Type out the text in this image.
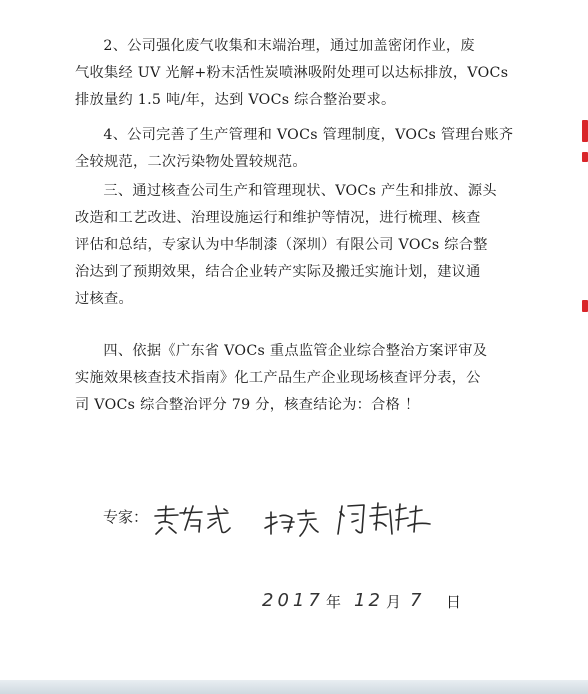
2、公司强化废气收集和末端治理，通过加盖密闭作业，废
气收集经 UV 光解+粉末活性炭喷淋吸附处理可以达标排放，VOCs
排放量约 1.5 吨/年，达到 VOCs 综合整治要求。
4、公司完善了生产管理和 VOCs 管理制度，VOCs 管理台账齐
全较规范，二次污染物处置较规范。
三、通过核查公司生产和管理现状、VOCs 产生和排放、源头
改造和工艺改进、治理设施运行和维护等情况，进行梳理、核查
评估和总结，专家认为中华制漆（深圳）有限公司 VOCs 综合整
治达到了预期效果，结合企业转产实际及搬迁实施计划，建议通
过核查。
四、依据《广东省 VOCs 重点监管企业综合整治方案评审及
实施效果核查技术指南》化工产品生产企业现场核查评分表，公
司 VOCs 综合整治评分 79 分，核查结论为：合格 ！
专家：
2017 年 12 月 7 日
